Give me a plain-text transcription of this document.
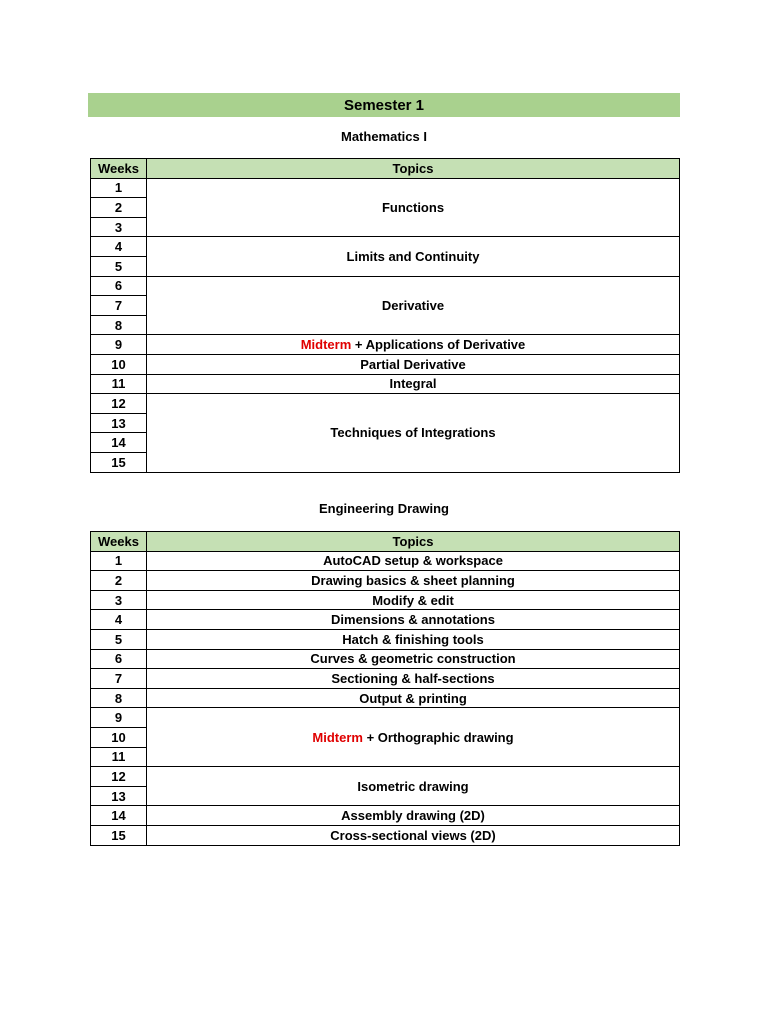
Semester 1
Mathematics I
Weeks	Topics
1	Functions
2	
3	
4	Limits and Continuity
5	
6	Derivative
7	
8	
9	Midterm + Applications of Derivative
10	Partial Derivative
11	Integral
12	Techniques of Integrations
13	
14	
15	
Engineering Drawing
Weeks	Topics
1	AutoCAD setup & workspace
2	Drawing basics & sheet planning
3	Modify & edit
4	Dimensions & annotations
5	Hatch & finishing tools
6	Curves & geometric construction
7	Sectioning & half-sections
8	Output & printing
9	Midterm + Orthographic drawing
10	
11	
12	Isometric drawing
13	
14	Assembly drawing (2D)
15	Cross-sectional views (2D)
